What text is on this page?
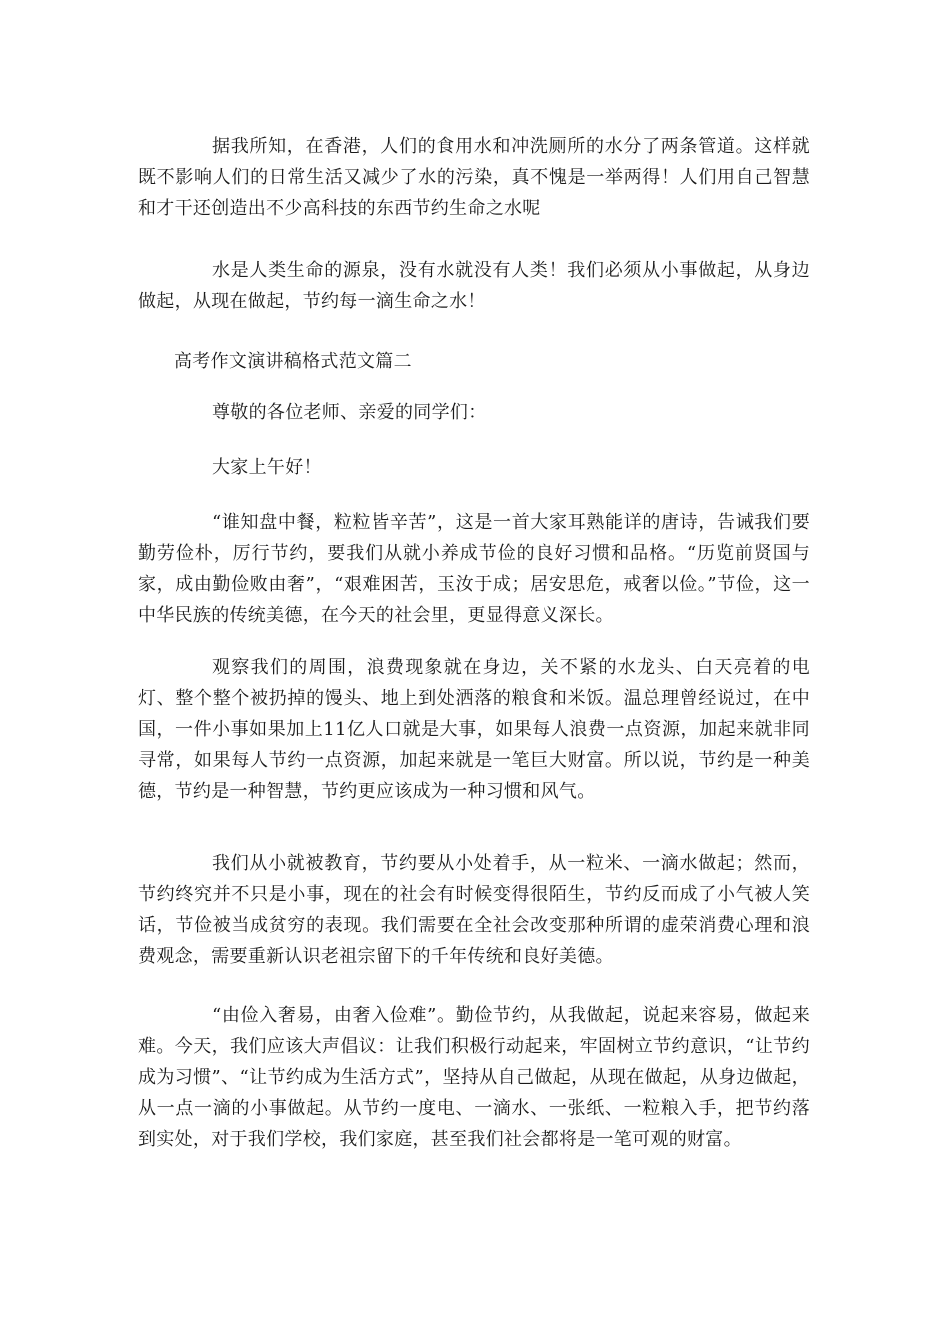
据我所知，在香港，人们的食用水和冲洗厕所的水分了两条管道。这样就既不影响人们的日常生活又减少了水的污染，真不愧是一举两得！人们用自己智慧和才干还创造出不少高科技的东西节约生命之水呢

水是人类生命的源泉，没有水就没有人类！我们必须从小事做起，从身边做起，从现在做起，节约每一滴生命之水！

高考作文演讲稿格式范文篇二

尊敬的各位老师、亲爱的同学们：

大家上午好！

“谁知盘中餐，粒粒皆辛苦”，这是一首大家耳熟能详的唐诗，告诫我们要勤劳俭朴，厉行节约，要我们从就小养成节俭的良好习惯和品格。“历览前贤国与家，成由勤俭败由奢”，“艰难困苦，玉汝于成；居安思危，戒奢以俭。”节俭，这一中华民族的传统美德，在今天的社会里，更显得意义深长。

观察我们的周围，浪费现象就在身边，关不紧的水龙头、白天亮着的电灯、整个整个被扔掉的馒头、地上到处洒落的粮食和米饭。温总理曾经说过，在中国，一件小事如果加上11亿人口就是大事，如果每人浪费一点资源，加起来就非同寻常，如果每人节约一点资源，加起来就是一笔巨大财富。所以说，节约是一种美德，节约是一种智慧，节约更应该成为一种习惯和风气。

我们从小就被教育，节约要从小处着手，从一粒米、一滴水做起；然而，节约终究并不只是小事，现在的社会有时候变得很陌生，节约反而成了小气被人笑话，节俭被当成贫穷的表现。我们需要在全社会改变那种所谓的虚荣消费心理和浪费观念，需要重新认识老祖宗留下的千年传统和良好美德。

“由俭入奢易，由奢入俭难”。勤俭节约，从我做起，说起来容易，做起来难。今天，我们应该大声倡议：让我们积极行动起来，牢固树立节约意识，“让节约成为习惯”、“让节约成为生活方式”，坚持从自己做起，从现在做起，从身边做起，从一点一滴的小事做起。从节约一度电、一滴水、一张纸、一粒粮入手，把节约落到实处，对于我们学校，我们家庭，甚至我们社会都将是一笔可观的财富。
